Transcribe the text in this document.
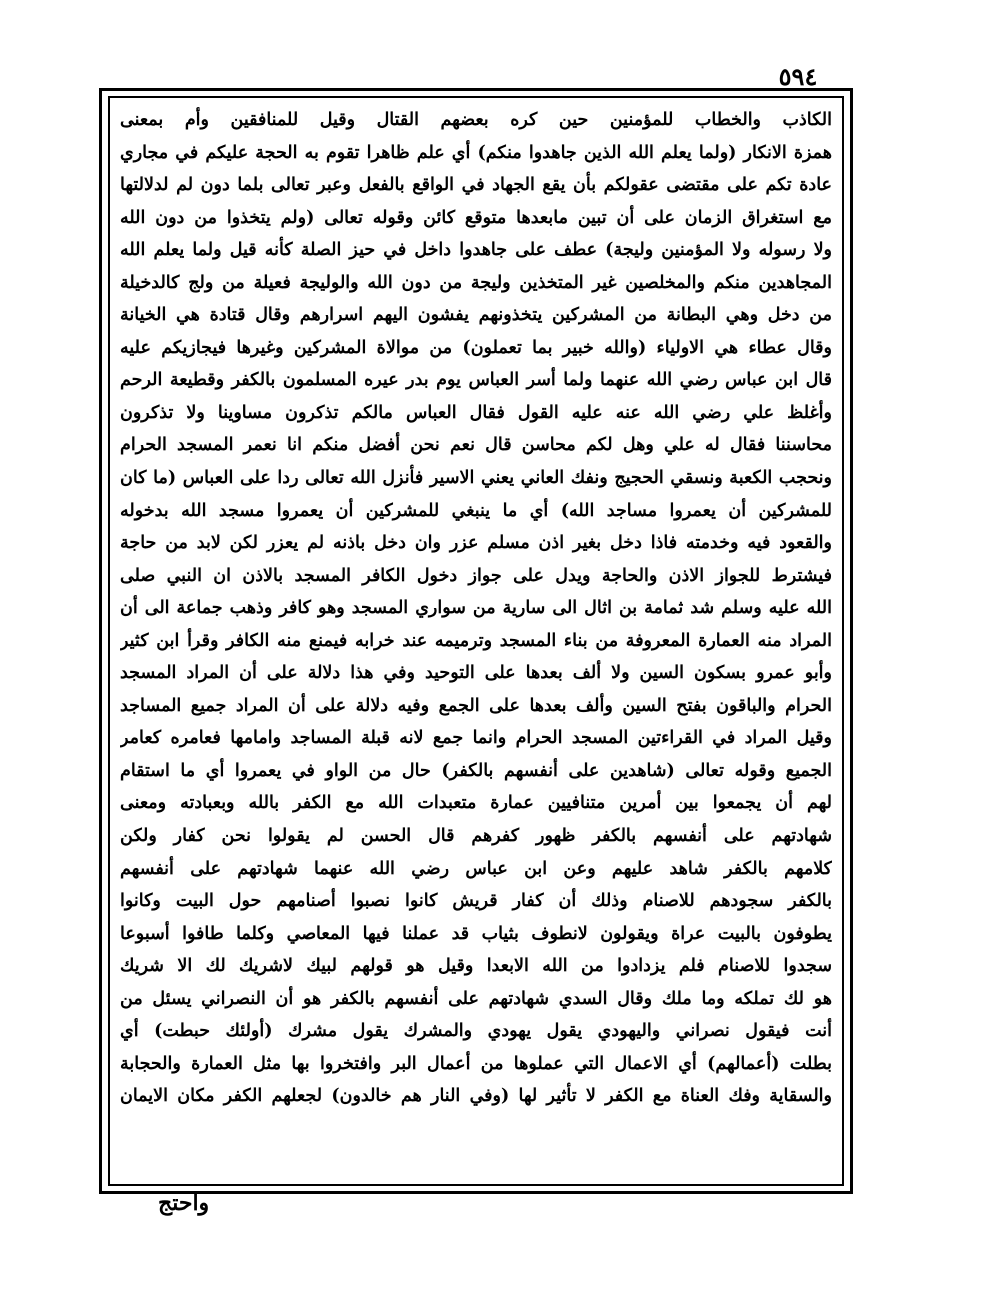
٥٩٤
الكاذب والخطاب للمؤمنين حين كره بعضهم القتال وقيل للمنافقين وأم بمعنى
همزة الانكار (ولما يعلم الله الذين جاهدوا منكم) أي علم ظاهرا تقوم به الحجة عليكم في مجاري
عادة تكم على مقتضى عقولكم بأن يقع الجهاد في الواقع بالفعل وعبر تعالى بلما دون لم لدلالتها
مع استغراق الزمان على أن تبين مابعدها متوقع كائن وقوله تعالى (ولم يتخذوا من دون الله
ولا رسوله ولا المؤمنين وليجة) عطف على جاهدوا داخل في حيز الصلة كأنه قيل ولما يعلم الله
المجاهدين منكم والمخلصين غير المتخذين وليجة من دون الله والوليجة فعيلة من ولج كالدخيلة
من دخل وهي البطانة من المشركين يتخذونهم يفشون اليهم اسرارهم وقال قتادة هي الخيانة
وقال عطاء هي الاولياء (والله خبير بما تعملون) من موالاة المشركين وغيرها فيجازيكم عليه
قال ابن عباس رضي الله عنهما ولما أسر العباس يوم بدر عيره المسلمون بالكفر وقطيعة الرحم
وأغلظ علي رضي الله عنه عليه القول فقال العباس مالكم تذكرون مساوينا ولا تذكرون
محاسننا فقال له علي وهل لكم محاسن قال نعم نحن أفضل منكم انا نعمر المسجد الحرام
ونحجب الكعبة ونسقي الحجيج ونفك العاني يعني الاسير فأنزل الله تعالى ردا على العباس (ما كان
للمشركين أن يعمروا مساجد الله) أي ما ينبغي للمشركين أن يعمروا مسجد الله بدخوله
والقعود فيه وخدمته فاذا دخل بغير اذن مسلم عزر وان دخل باذنه لم يعزر لكن لابد من حاجة
فيشترط للجواز الاذن والحاجة ويدل على جواز دخول الكافر المسجد بالاذن ان النبي صلى
الله عليه وسلم شد ثمامة بن اثال الى سارية من سواري المسجد وهو كافر وذهب جماعة الى أن
المراد منه العمارة المعروفة من بناء المسجد وترميمه عند خرابه فيمنع منه الكافر وقرأ ابن كثير
وأبو عمرو بسكون السين ولا ألف بعدها على التوحيد وفي هذا دلالة على أن المراد المسجد
الحرام والباقون بفتح السين وألف بعدها على الجمع وفيه دلالة على أن المراد جميع المساجد
وقيل المراد في القراءتين المسجد الحرام وانما جمع لانه قبلة المساجد وامامها فعامره كعامر
الجميع وقوله تعالى (شاهدين على أنفسهم بالكفر) حال من الواو في يعمروا أي ما استقام
لهم أن يجمعوا بين أمرين متنافيين عمارة متعبدات الله مع الكفر بالله وبعبادته ومعنى
شهادتهم على أنفسهم بالكفر ظهور كفرهم قال الحسن لم يقولوا نحن كفار ولكن
كلامهم بالكفر شاهد عليهم وعن ابن عباس رضي الله عنهما شهادتهم على أنفسهم
بالكفر سجودهم للاصنام وذلك أن كفار قريش كانوا نصبوا أصنامهم حول البيت وكانوا
يطوفون بالبيت عراة ويقولون لانطوف بثياب قد عملنا فيها المعاصي وكلما طافوا أسبوعا
سجدوا للاصنام فلم يزدادوا من الله الابعدا وقيل هو قولهم لبيك لاشريك لك الا شريك
هو لك تملكه وما ملك وقال السدي شهادتهم على أنفسهم بالكفر هو أن النصراني يسئل من
أنت فيقول نصراني واليهودي يقول يهودي والمشرك يقول مشرك (أولئك حبطت) أي
بطلت (أعمالهم) أي الاعمال التي عملوها من أعمال البر وافتخروا بها مثل العمارة والحجابة
والسقاية وفك العناة مع الكفر لا تأثير لها (وفي النار هم خالدون) لجعلهم الكفر مكان الايمان
واحتج
